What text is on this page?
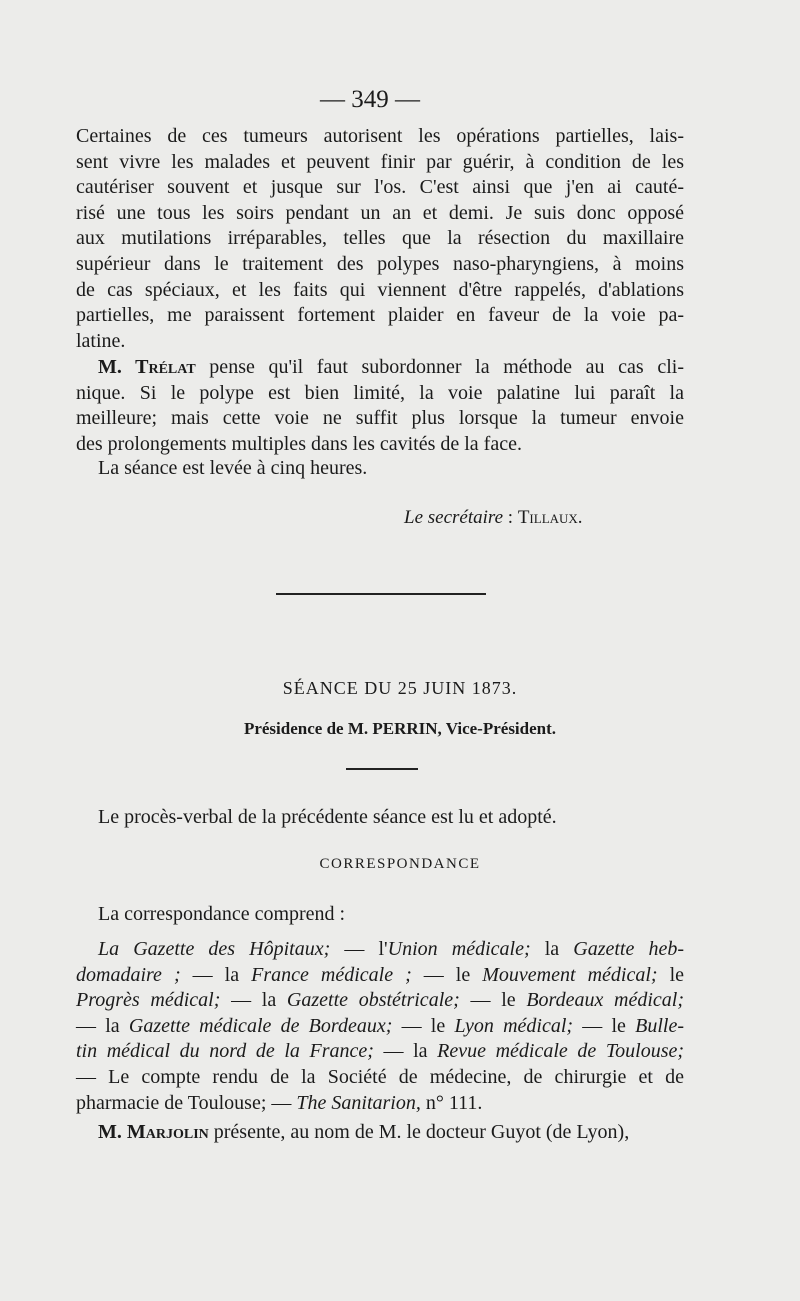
— 349 —
Certaines de ces tumeurs autorisent les opérations partielles, lais-
sent vivre les malades et peuvent finir par guérir, à condition de les
cautériser souvent et jusque sur l'os. C'est ainsi que j'en ai cauté-
risé une tous les soirs pendant un an et demi. Je suis donc opposé
aux mutilations irréparables, telles que la résection du maxillaire
supérieur dans le traitement des polypes naso-pharyngiens, à moins
de cas spéciaux, et les faits qui viennent d'être rappelés, d'ablations
partielles, me paraissent fortement plaider en faveur de la voie pa-
latine.
M. Trélat pense qu'il faut subordonner la méthode au cas cli-
nique. Si le polype est bien limité, la voie palatine lui paraît la
meilleure; mais cette voie ne suffit plus lorsque la tumeur envoie
des prolongements multiples dans les cavités de la face.
La séance est levée à cinq heures.
Le secrétaire : Tillaux.
SÉANCE DU 25 JUIN 1873.
Présidence de M. PERRIN, Vice-Président.
Le procès-verbal de la précédente séance est lu et adopté.
CORRESPONDANCE
La correspondance comprend :
La Gazette des Hôpitaux; — l'Union médicale; la Gazette heb-
domadaire ; — la France médicale ; — le Mouvement médical; le
Progrès médical; — la Gazette obstétricale; — le Bordeaux médical;
— la Gazette médicale de Bordeaux; — le Lyon médical; — le Bulle-
tin médical du nord de la France; — la Revue médicale de Toulouse;
— Le compte rendu de la Société de médecine, de chirurgie et de
pharmacie de Toulouse; — The Sanitarion, n° 111.
M. Marjolin présente, au nom de M. le docteur Guyot (de Lyon),
